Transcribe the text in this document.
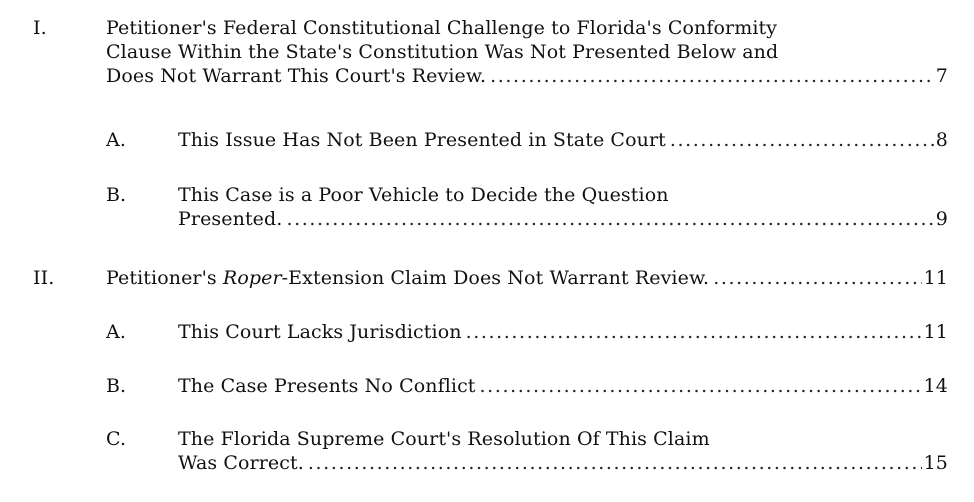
I.	Petitioner's Federal Constitutional Challenge to Florida's Conformity
Clause Within the State's Constitution Was Not Presented Below and
Does Not Warrant This Court's Review. .....	7
A.	This Issue Has Not Been Presented in State Court .....	8
B.	This Case is a Poor Vehicle to Decide the Question
Presented. .....	9
II.	Petitioner's Roper-Extension Claim Does Not Warrant Review. .....	11
A.	This Court Lacks Jurisdiction .....	11
B.	The Case Presents No Conflict .....	14
C.	The Florida Supreme Court's Resolution Of This Claim
Was Correct. .....	15
